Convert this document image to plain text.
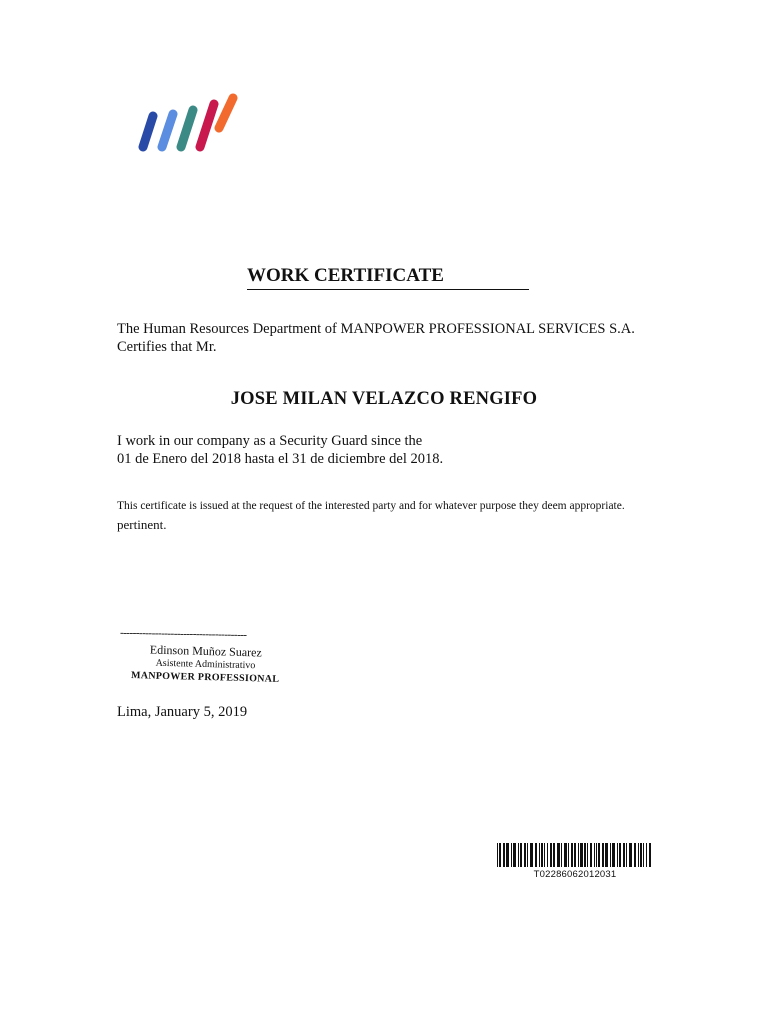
WORK CERTIFICATE
The Human Resources Department of MANPOWER PROFESSIONAL SERVICES S.A.
Certifies that Mr.
JOSE MILAN VELAZCO RENGIFO
I work in our company as a Security Guard since the
01 de Enero del 2018 hasta el 31 de diciembre del 2018.
This certificate is issued at the request of the interested party and for whatever purpose they deem appropriate.
pertinent.
----------------------------------------
Edinson Muñoz Suarez
Asistente Administrativo
MANPOWER PROFESSIONAL
Lima, January 5, 2019
T02286062012031
